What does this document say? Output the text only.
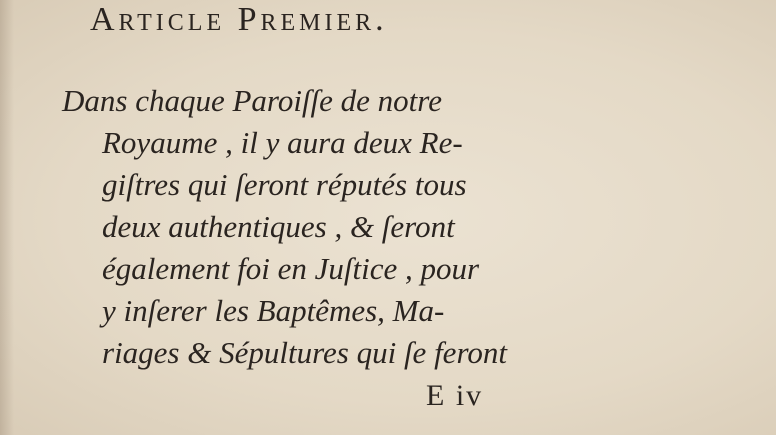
Article Premier.
Dans chaque Paroiſſe de notre
Royaume , il y aura deux Re-
giſtres qui ſeront réputés tous
deux authentiques , & ſeront
également foi en Juſtice , pour
y inſerer les Baptêmes, Ma-
riages & Sépultures qui ſe feront
E iv
